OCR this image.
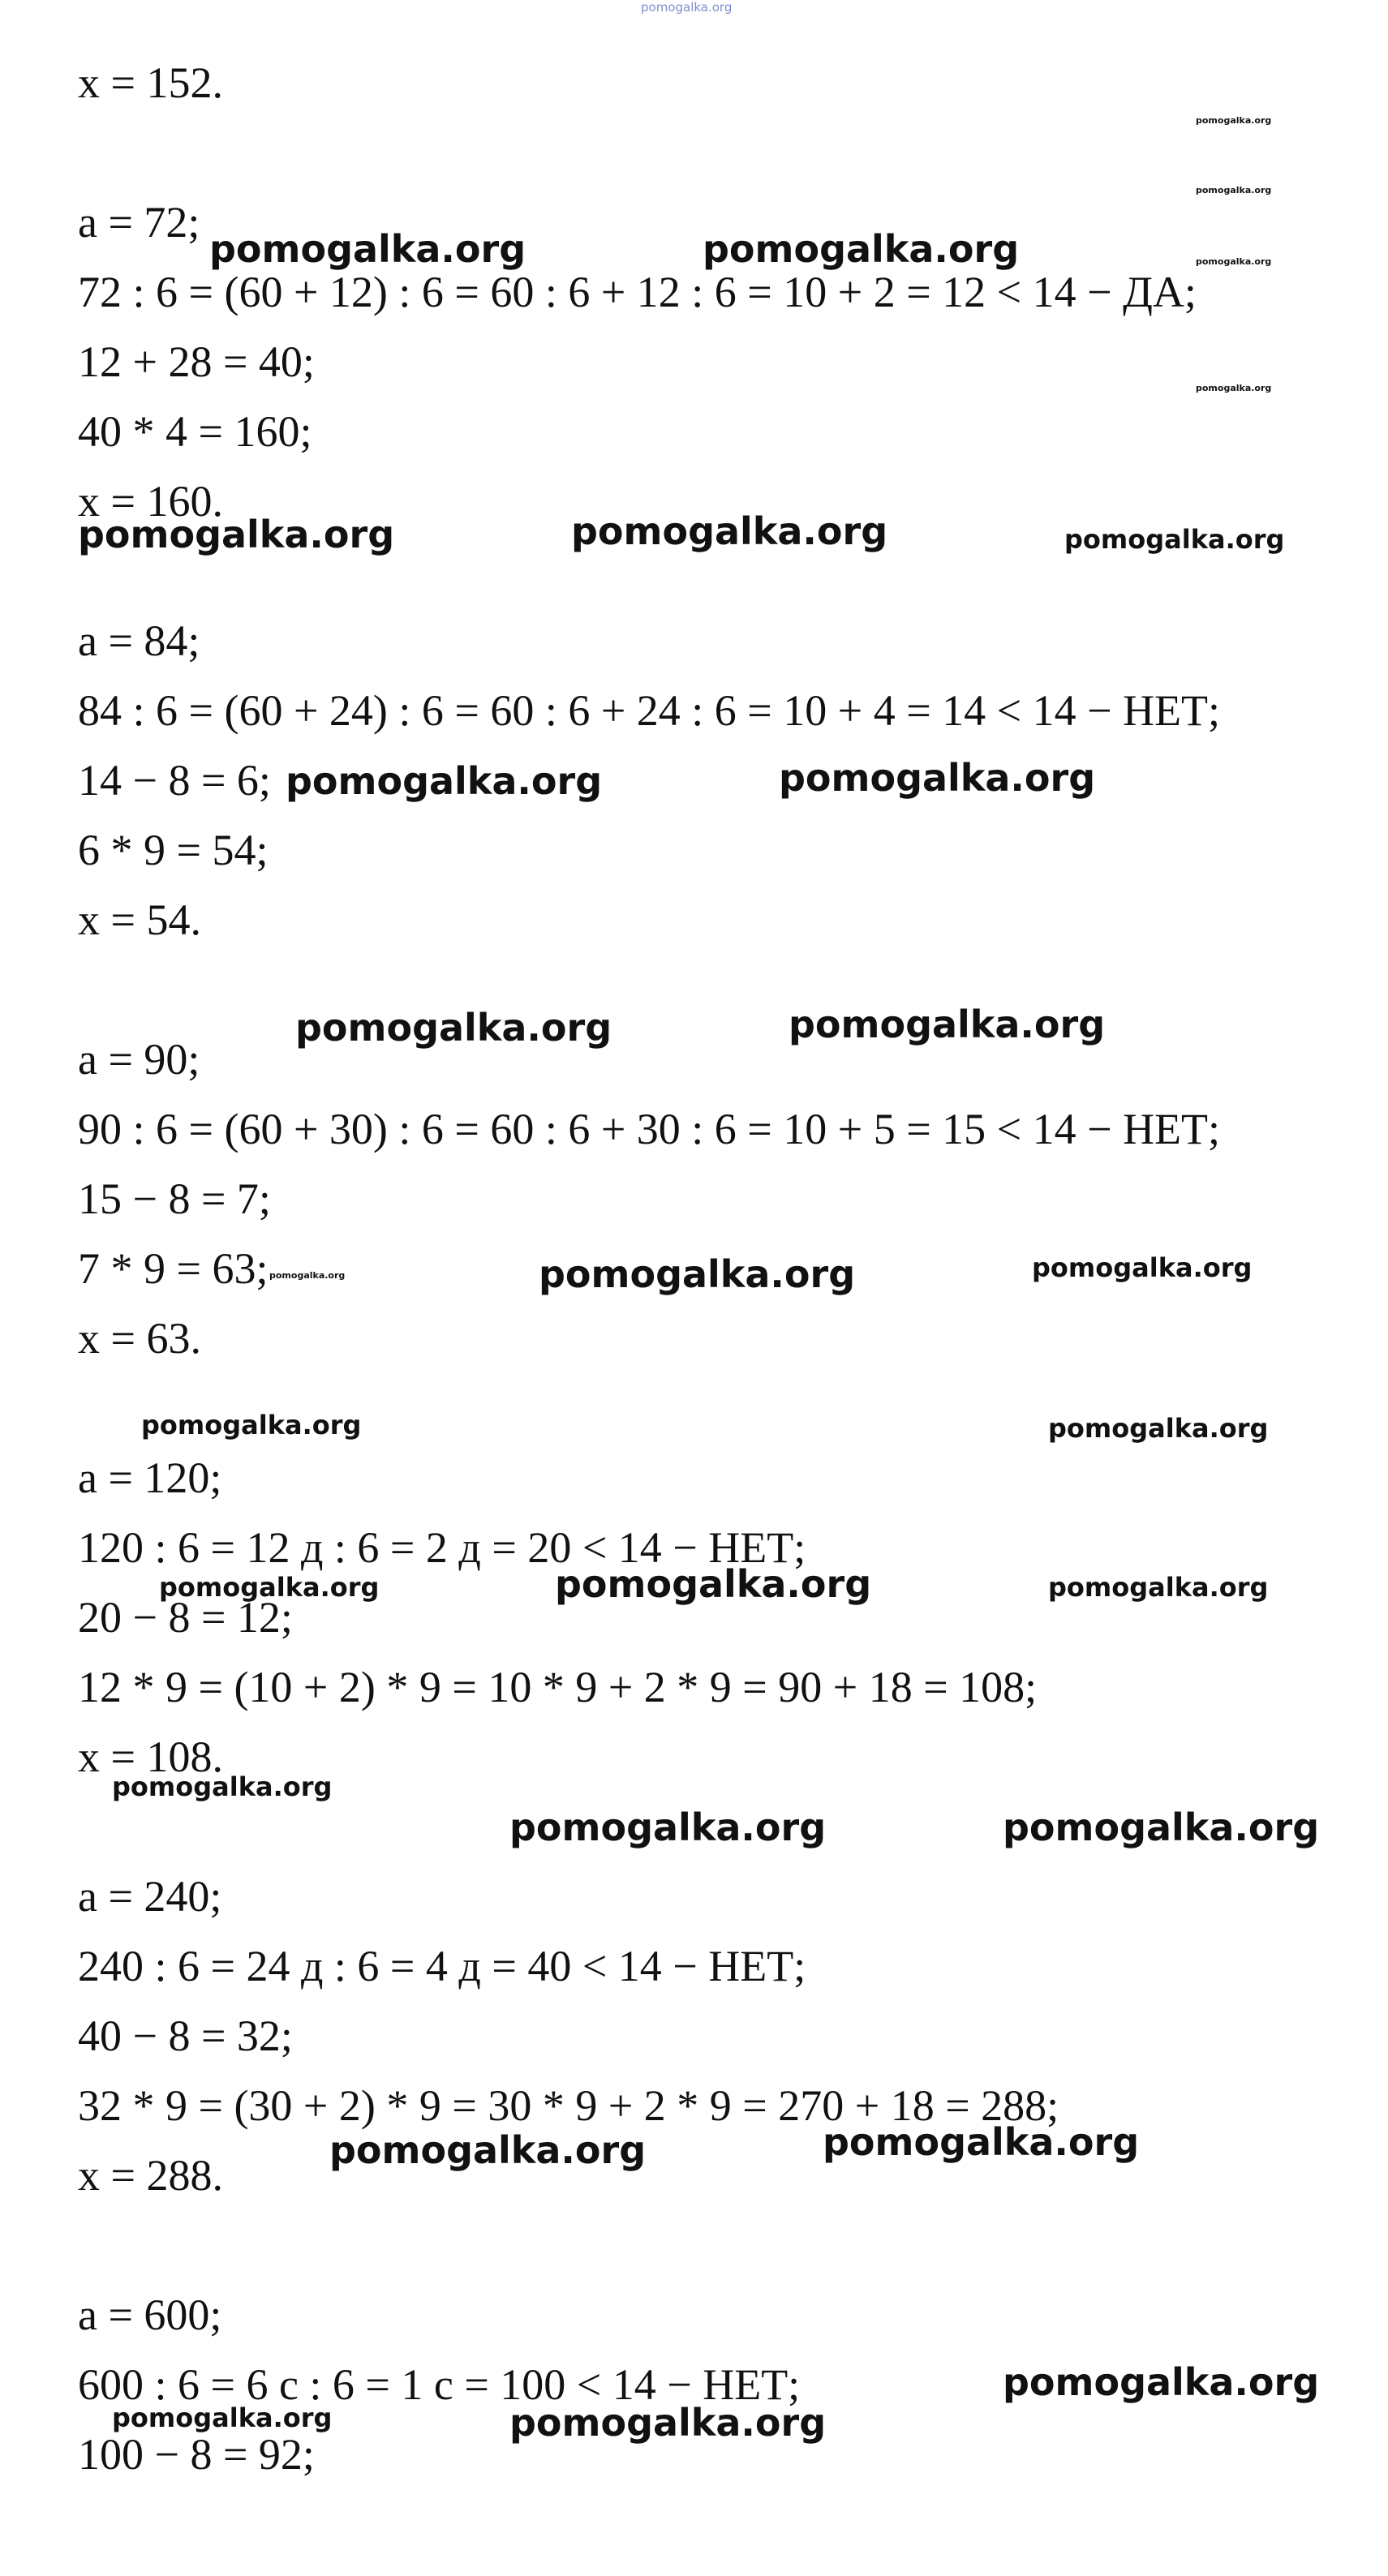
pomogalka.org
x = 152.
a = 72;
72 : 6 = (60 + 12) : 6 = 60 : 6 + 12 : 6 = 10 + 2 = 12 < 14 − ДА;
12 + 28 = 40;
40 * 4 = 160;
x = 160.
a = 84;
84 : 6 = (60 + 24) : 6 = 60 : 6 + 24 : 6 = 10 + 4 = 14 < 14 − НЕТ;
14 − 8 = 6;
6 * 9 = 54;
x = 54.
a = 90;
90 : 6 = (60 + 30) : 6 = 60 : 6 + 30 : 6 = 10 + 5 = 15 < 14 − НЕТ;
15 − 8 = 7;
7 * 9 = 63;
x = 63.
a = 120;
120 : 6 = 12 д : 6 = 2 д = 20 < 14 − НЕТ;
20 − 8 = 12;
12 * 9 = (10 + 2) * 9 = 10 * 9 + 2 * 9 = 90 + 18 = 108;
x = 108.
a = 240;
240 : 6 = 24 д : 6 = 4 д = 40 < 14 − НЕТ;
40 − 8 = 32;
32 * 9 = (30 + 2) * 9 = 30 * 9 + 2 * 9 = 270 + 18 = 288;
x = 288.
a = 600;
600 : 6 = 6 с : 6 = 1 с = 100 < 14 − НЕТ;
100 − 8 = 92;
pomogalka.org
pomogalka.org
pomogalka.org	pomogalka.org	pomogalka.org
pomogalka.org
pomogalka.org	pomogalka.org	pomogalka.org
pomogalka.org	pomogalka.org
pomogalka.org	pomogalka.org
pomogalka.org	pomogalka.org	pomogalka.org
pomogalka.org	pomogalka.org
pomogalka.org	pomogalka.org	pomogalka.org
pomogalka.org
pomogalka.org	pomogalka.org
pomogalka.org	pomogalka.org
pomogalka.org
pomogalka.org	pomogalka.org
